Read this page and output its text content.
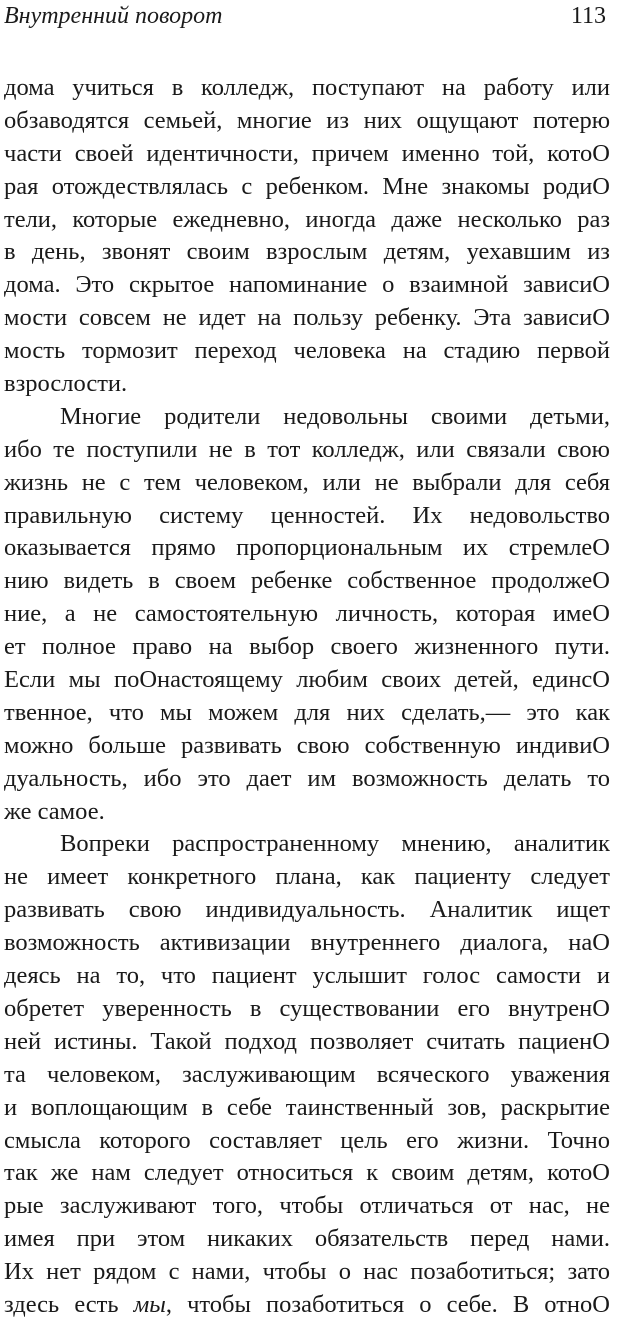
Внутренний поворот	113
дома учиться в колледж, поступают на работу или
обзаводятся семьей, многие из них ощущают потерю
части своей идентичности, причем именно той, котоО
рая отождествлялась с ребенком. Мне знакомы родиО
тели, которые ежедневно, иногда даже несколько раз
в день, звонят своим взрослым детям, уехавшим из
дома. Это скрытое напоминание о взаимной зависиО
мости совсем не идет на пользу ребенку. Эта зависиО
мость тормозит переход человека на стадию первой
взрослости.
Многие родители недовольны своими детьми,
ибо те поступили не в тот колледж, или связали свою
жизнь не с тем человеком, или не выбрали для себя
правильную систему ценностей. Их недовольство
оказывается прямо пропорциональным их стремлеО
нию видеть в своем ребенке собственное продолжеО
ние, а не самостоятельную личность, которая имеО
ет полное право на выбор своего жизненного пути.
Если мы поОнастоящему любим своих детей, единсО
твенное, что мы можем для них сделать,— это как
можно больше развивать свою собственную индивиО
дуальность, ибо это дает им возможность делать то
же самое.
Вопреки распространенному мнению, аналитик
не имеет конкретного плана, как пациенту следует
развивать свою индивидуальность. Аналитик ищет
возможность активизации внутреннего диалога, наО
деясь на то, что пациент услышит голос самости и
обретет уверенность в существовании его внутренО
ней истины. Такой подход позволяет считать пациенО
та человеком, заслуживающим всяческого уважения
и воплощающим в себе таинственный зов, раскрытие
смысла которого составляет цель его жизни. Точно
так же нам следует относиться к своим детям, котоО
рые заслуживают того, чтобы отличаться от нас, не
имея при этом никаких обязательств перед нами.
Их нет рядом с нами, чтобы о нас позаботиться; зато
здесь есть мы, чтобы позаботиться о себе. В отноО
